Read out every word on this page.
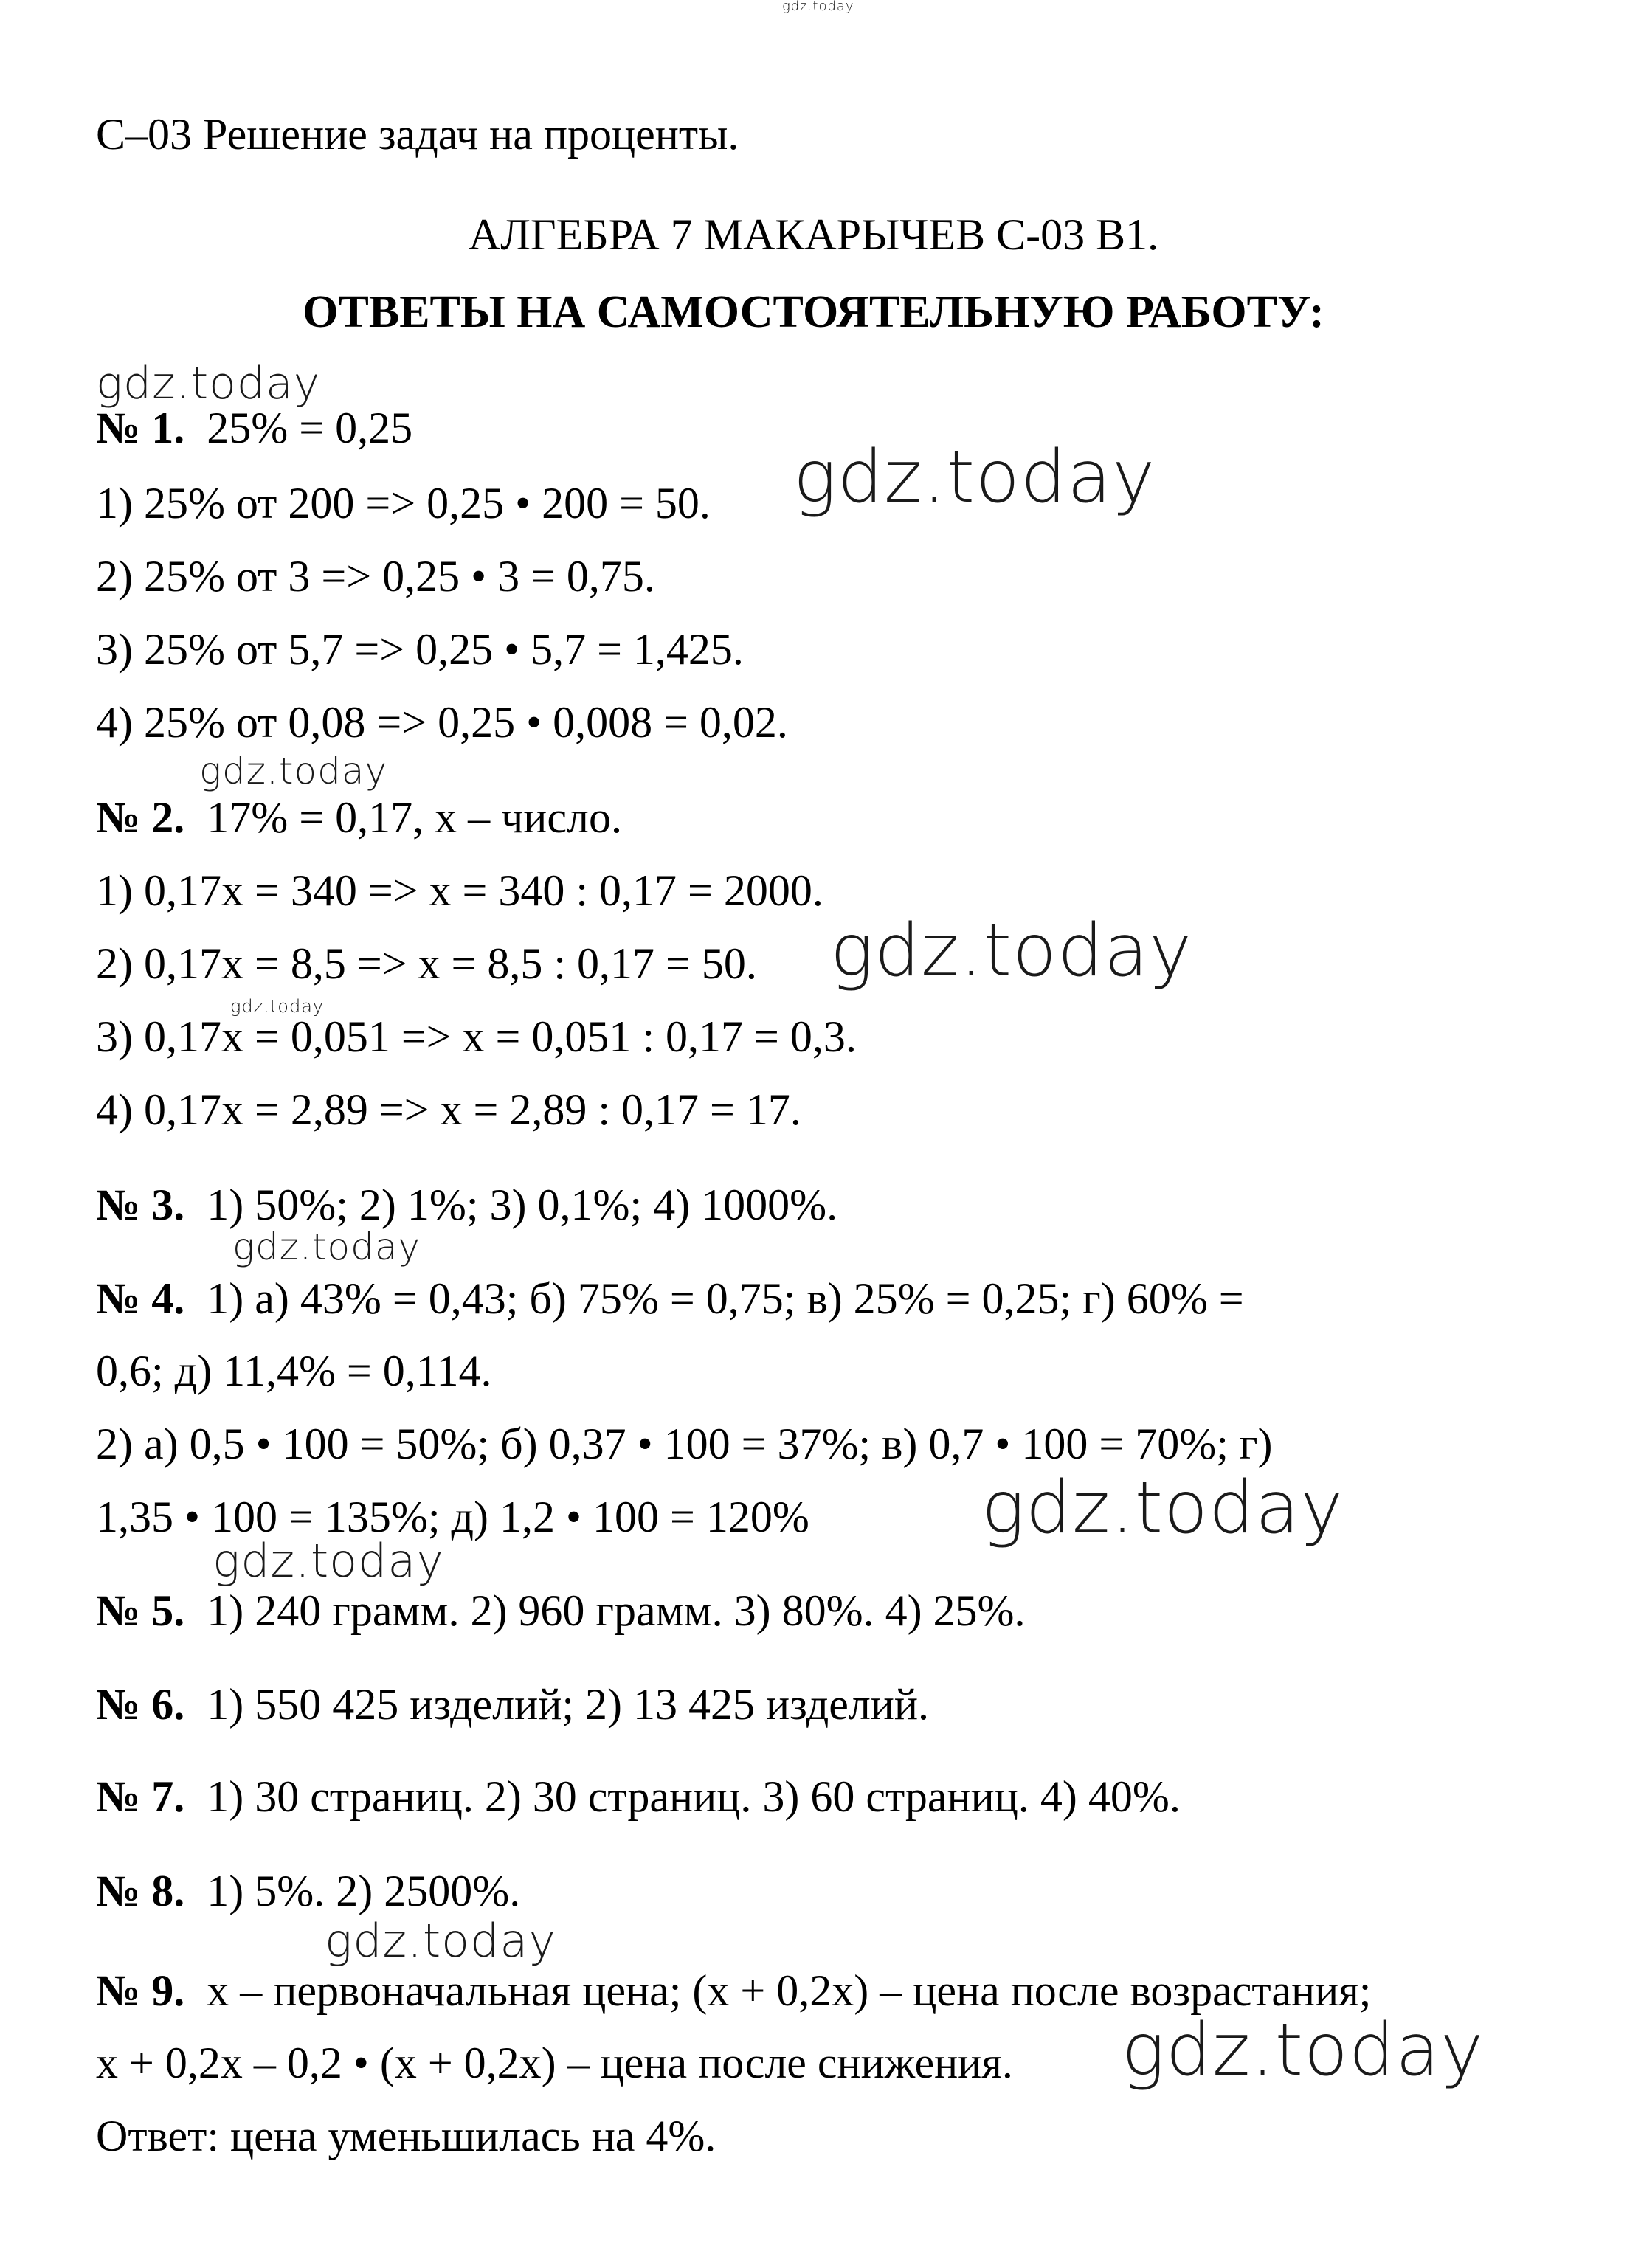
gdz.today
С–03 Решение задач на проценты.
АЛГЕБРА 7 МАКАРЫЧЕВ С-03 В1.
ОТВЕТЫ НА САМОСТОЯТЕЛЬНУЮ РАБОТУ:
№ 1. 25% = 0,25
1) 25% от 200 => 0,25 • 200 = 50.
2) 25% от 3 => 0,25 • 3 = 0,75.
3) 25% от 5,7 => 0,25 • 5,7 = 1,425.
4) 25% от 0,08 => 0,25 • 0,008 = 0,02.
№ 2. 17% = 0,17, x – число.
1) 0,17x = 340 => x = 340 : 0,17 = 2000.
2) 0,17x = 8,5 => x = 8,5 : 0,17 = 50.
3) 0,17x = 0,051 => x = 0,051 : 0,17 = 0,3.
4) 0,17x = 2,89 => x = 2,89 : 0,17 = 17.
№ 3. 1) 50%; 2) 1%; 3) 0,1%; 4) 1000%.
№ 4. 1) а) 43% = 0,43; б) 75% = 0,75; в) 25% = 0,25; г) 60% =
0,6; д) 11,4% = 0,114.
2) а) 0,5 • 100 = 50%; б) 0,37 • 100 = 37%; в) 0,7 • 100 = 70%; г)
1,35 • 100 = 135%; д) 1,2 • 100 = 120%
№ 5. 1) 240 грамм. 2) 960 грамм. 3) 80%. 4) 25%.
№ 6. 1) 550 425 изделий; 2) 13 425 изделий.
№ 7. 1) 30 страниц. 2) 30 страниц. 3) 60 страниц. 4) 40%.
№ 8. 1) 5%. 2) 2500%.
№ 9. x – первоначальная цена; (x + 0,2x) – цена после возрастания;
x + 0,2x – 0,2 • (x + 0,2x) – цена после снижения.
Ответ: цена уменьшилась на 4%.
gdz.today
gdz.today
gdz.today
gdz.today
gdz.today
gdz.today
gdz.today
gdz.today
gdz.today
gdz.today
